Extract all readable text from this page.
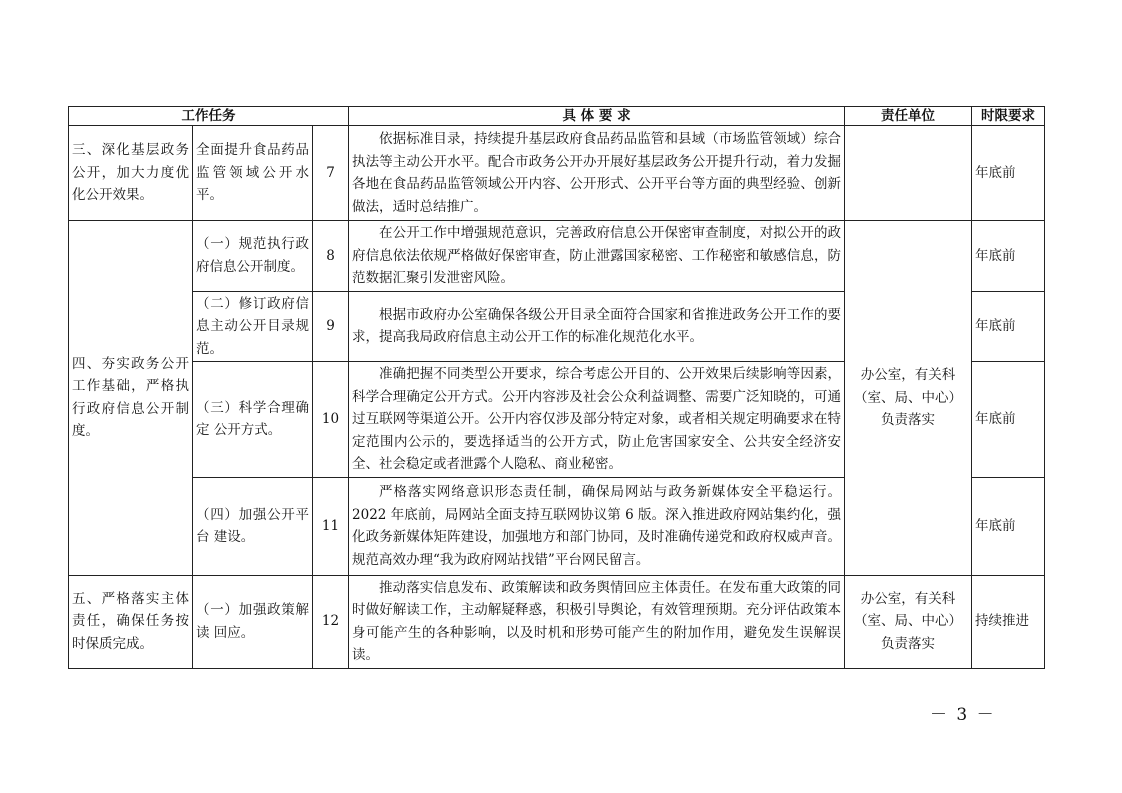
工作任务			具 体 要 求	责任单位	时限要求
三、深化基层政务公开，加大力度优化公开效果。	全面提升食品药品监管领域公开水平。	7	依据标准目录，持续提升基层政府食品药品监管和县域（市场监管领域）综合执法等主动公开水平。配合市政务公开办开展好基层政务公开提升行动，着力发掘各地在食品药品监管领域公开内容、公开形式、公开平台等方面的典型经验、创新做法，适时总结推广。		年底前
四、夯实政务公开工作基础，严格执行政府信息公开制度。	（一）规范执行政府信息公开制度。	8	在公开工作中增强规范意识，完善政府信息公开保密审查制度，对拟公开的政府信息依法依规严格做好保密审查，防止泄露国家秘密、工作秘密和敏感信息，防范数据汇聚引发泄密风险。	办公室，有关科（室、局、中心）负责落实	年底前
	（二）修订政府信息主动公开目录规范。	9	根据市政府办公室确保各级公开目录全面符合国家和省推进政务公开工作的要求，提高我局政府信息主动公开工作的标准化规范化水平。		年底前
	（三）科学合理确定 公开方式。	10	准确把握不同类型公开要求，综合考虑公开目的、公开效果后续影响等因素，科学合理确定公开方式。公开内容涉及社会公众利益调整、需要广泛知晓的，可通过互联网等渠道公开。公开内容仅涉及部分特定对象，或者相关规定明确要求在特定范围内公示的，要选择适当的公开方式，防止危害国家安全、公共安全经济安全、社会稳定或者泄露个人隐私、商业秘密。		年底前
	（四）加强公开平台 建设。	11	严格落实网络意识形态责任制，确保局网站与政务新媒体安全平稳运行。2022 年底前，局网站全面支持互联网协议第 6 版。深入推进政府网站集约化，强化政务新媒体矩阵建设，加强地方和部门协同，及时准确传递党和政府权威声音。规范高效办理“我为政府网站找错”平台网民留言。		年底前
五、严格落实主体责任，确保任务按时保质完成。	（一）加强政策解读 回应。	12	推动落实信息发布、政策解读和政务舆情回应主体责任。在发布重大政策的同时做好解读工作，主动解疑释惑，积极引导舆论，有效管理预期。充分评估政策本身可能产生的各种影响，以及时机和形势可能产生的附加作用，避免发生误解误读。	办公室，有关科（室、局、中心）负责落实	持续推进
－ 3 －
